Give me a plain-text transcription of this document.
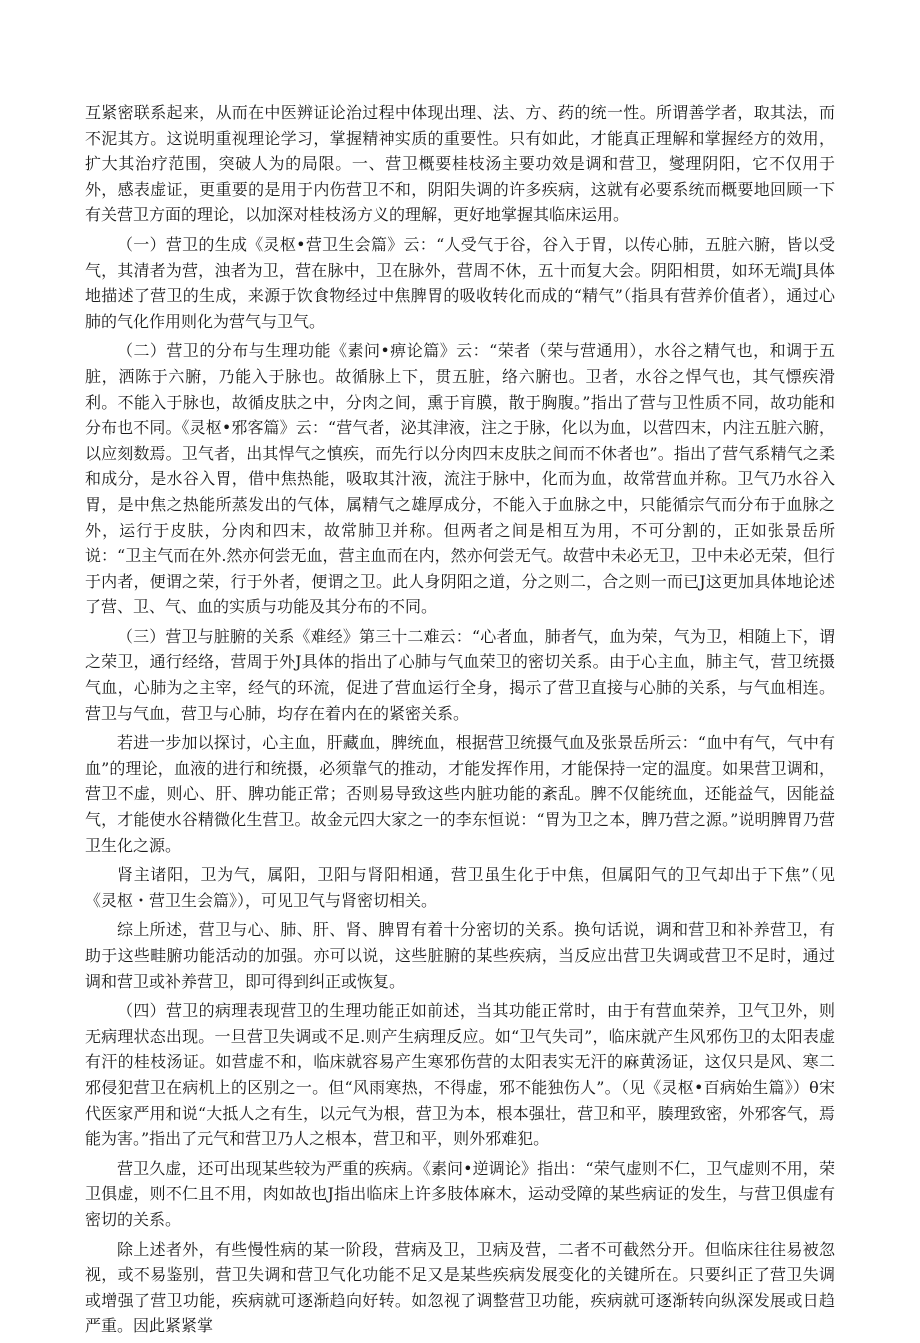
互紧密联系起来，从而在中医辨证论治过程中体现出理、法、方、药的统一性。所谓善学者，取其法，而不泥其方。这说明重视理论学习，掌握精神实质的重要性。只有如此，才能真正理解和掌握经方的效用，扩大其治疗范围，突破人为的局限。一、营卫概要桂枝汤主要功效是调和营卫，燮理阴阳，它不仅用于外，感表虚证，更重要的是用于内伤营卫不和，阴阳失调的许多疾病，这就有必要系统而概要地回顾一下有关营卫方面的理论，以加深对桂枝汤方义的理解，更好地掌握其临床运用。

（一）营卫的生成《灵枢•营卫生会篇》云：“人受气于谷，谷入于胃，以传心肺，五脏六腑，皆以受气，其清者为营，浊者为卫，营在脉中，卫在脉外，营周不休，五十而复大会。阴阳相贯，如环无端J具体地描述了营卫的生成，来源于饮食物经过中焦脾胃的吸收转化而成的“精气”（指具有营养价值者），通过心肺的气化作用则化为营气与卫气。

（二）营卫的分布与生理功能《素问•痹论篇》云：“荣者（荣与营通用），水谷之精气也，和调于五脏，洒陈于六腑，乃能入于脉也。故循脉上下，贯五脏，络六腑也。卫者，水谷之悍气也，其气慓疾滑利。不能入于脉也，故循皮肤之中，分肉之间，熏于肓膜，散于胸腹。”指出了营与卫性质不同，故功能和分布也不同。《灵枢•邪客篇》云：“营气者，泌其津液，注之于脉，化以为血，以营四末，内注五脏六腑，以应刻数焉。卫气者，出其悍气之慎疾，而先行以分肉四末皮肤之间而不休者也”。指出了营气系精气之柔和成分，是水谷入胃，借中焦热能，吸取其汁液，流注于脉中，化而为血，故常营血并称。卫气乃水谷入胃，是中焦之热能所蒸发出的气体，属精气之雄厚成分，不能入于血脉之中，只能循宗气而分布于血脉之外，运行于皮肤，分肉和四末，故常肺卫并称。但两者之间是相互为用，不可分割的，正如张景岳所说：“卫主气而在外.然亦何尝无血，营主血而在内，然亦何尝无气。故营中未必无卫，卫中未必无荣，但行于内者，便谓之荣，行于外者，便谓之卫。此人身阴阳之道，分之则二，合之则一而已J这更加具体地论述了营、卫、气、血的实质与功能及其分布的不同。

（三）营卫与脏腑的关系《难经》第三十二难云：“心者血，肺者气，血为荣，气为卫，相随上下，谓之荣卫，通行经络，营周于外J具体的指出了心肺与气血荣卫的密切关系。由于心主血，肺主气，营卫统摄气血，心肺为之主宰，经气的环流，促进了营血运行全身，揭示了营卫直接与心肺的关系，与气血相连。营卫与气血，营卫与心肺，均存在着内在的紧密关系。

若进一步加以探讨，心主血，肝藏血，脾统血，根据营卫统摄气血及张景岳所云：“血中有气，气中有血”的理论，血液的进行和统摄，必须靠气的推动，才能发挥作用，才能保持一定的温度。如果营卫调和，营卫不虚，则心、肝、脾功能正常；否则易导致这些内脏功能的紊乱。脾不仅能统血，还能益气，因能益气，才能使水谷精微化生营卫。故金元四大家之一的李东恒说：“胃为卫之本，脾乃营之源。”说明脾胃乃营卫生化之源。

肾主诸阳，卫为气，属阳，卫阳与肾阳相通，营卫虽生化于中焦，但属阳气的卫气却出于下焦”（见《灵枢・营卫生会篇》），可见卫气与肾密切相关。

综上所述，营卫与心、肺、肝、肾、脾胃有着十分密切的关系。换句话说，调和营卫和补养营卫，有助于这些畦腑功能活动的加强。亦可以说，这些脏腑的某些疾病，当反应出营卫失调或营卫不足时，通过调和营卫或补养营卫，即可得到纠正或恢复。

（四）营卫的病理表现营卫的生理功能正如前述，当其功能正常时，由于有营血荣养，卫气卫外，则无病理状态出现。一旦营卫失调或不足.则产生病理反应。如“卫气失司”，临床就产生风邪伤卫的太阳表虚有汗的桂枝汤证。如营虚不和，临床就容易产生寒邪伤营的太阳表实无汗的麻黄汤证，这仅只是风、寒二邪侵犯营卫在病机上的区别之一。但“风雨寒热，不得虚，邪不能独伤人”。（见《灵枢•百病始生篇》）θ宋代医家严用和说“大抵人之有生，以元气为根，营卫为本，根本强壮，营卫和平，腠理致密，外邪客气，焉能为害。”指出了元气和营卫乃人之根本，营卫和平，则外邪难犯。

营卫久虚，还可出现某些较为严重的疾病。《素问•逆调论》指出：“荣气虚则不仁，卫气虚则不用，荣卫俱虚，则不仁且不用，肉如故也J指出临床上许多肢体麻木，运动受障的某些病证的发生，与营卫俱虚有密切的关系。

除上述者外，有些慢性病的某一阶段，营病及卫，卫病及营，二者不可截然分开。但临床往往易被忽视，或不易鉴别，营卫失调和营卫气化功能不足又是某些疾病发展变化的关键所在。只要纠正了营卫失调或增强了营卫功能，疾病就可逐渐趋向好转。如忽视了调整营卫功能，疾病就可逐渐转向纵深发展或日趋严重。因此紧紧掌
